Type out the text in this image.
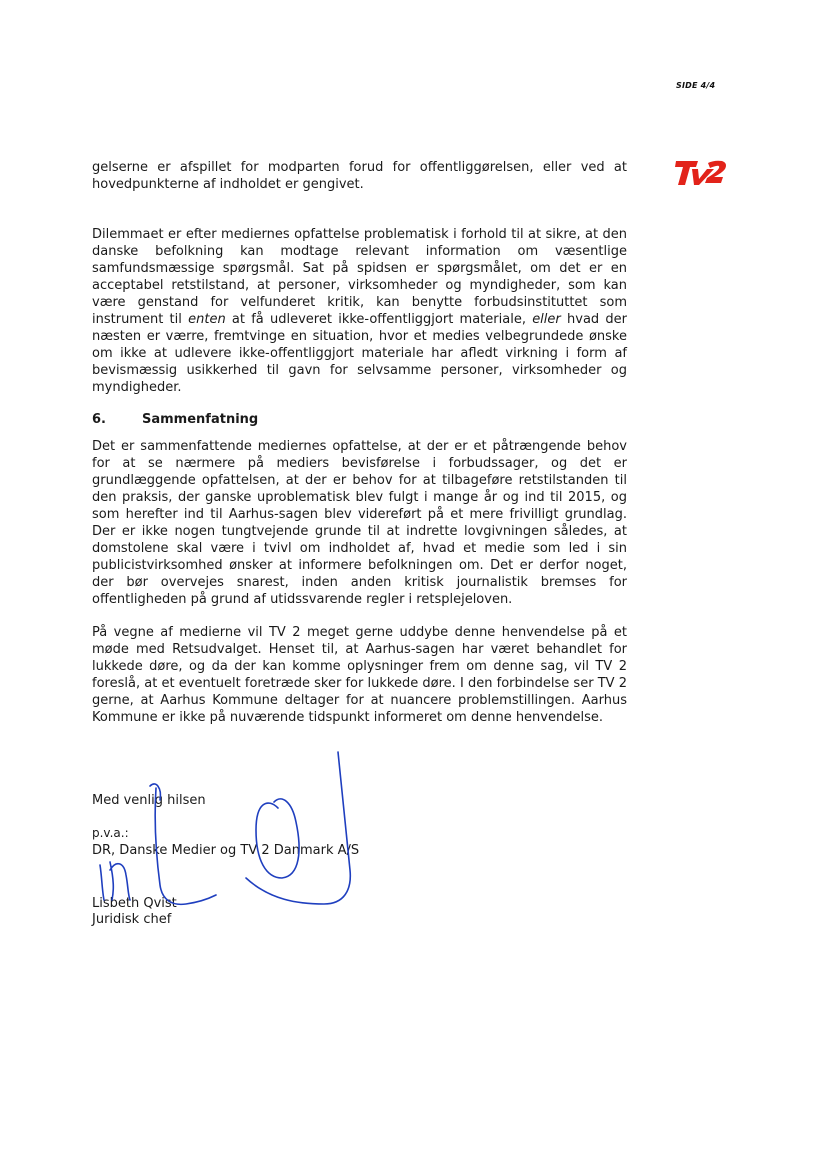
SIDE 4/4

gelserne er afspillet for modparten forud for offentliggørelsen, eller ved at hovedpunkterne af indholdet er gengivet.

Dilemmaet er efter mediernes opfattelse problematisk i forhold til at sikre, at den danske befolkning kan modtage relevant information om væsentlige samfundsmæssige spørgsmål. Sat på spidsen er spørgsmålet, om det er en acceptabel retstilstand, at personer, virksomheder og myndigheder, som kan være genstand for velfunderet kritik, kan benytte forbudsinstituttet som instrument til enten at få udleveret ikke-offentliggjort materiale, eller hvad der næsten er værre, fremtvinge en situation, hvor et medies velbegrundede ønske om ikke at udlevere ikke-offentliggjort materiale har afledt virkning i form af bevismæssig usikkerhed til gavn for selvsamme personer, virksomheder og myndigheder.

6.	Sammenfatning

Det er sammenfattende mediernes opfattelse, at der er et påtrængende behov for at se nærmere på mediers bevisførelse i forbudssager, og det er grundlæggende opfattelsen, at der er behov for at tilbageføre retstilstanden til den praksis, der ganske uproblematisk blev fulgt i mange år og ind til 2015, og som herefter ind til Aarhus-sagen blev videreført på et mere frivilligt grundlag. Der er ikke nogen tungtvejende grunde til at indrette lovgivningen således, at domstolene skal være i tvivl om indholdet af, hvad et medie som led i sin publicistvirksomhed ønsker at informere befolkningen om. Det er derfor noget, der bør overvejes snarest, inden anden kritisk journalistik bremses for offentligheden på grund af utidssvarende regler i retsplejeloven.

På vegne af medierne vil TV 2 meget gerne uddybe denne henvendelse på et møde med Retsudvalget. Henset til, at Aarhus-sagen har været behandlet for lukkede døre, og da der kan komme oplysninger frem om denne sag, vil TV 2 foreslå, at et eventuelt foretræde sker for lukkede døre. I den forbindelse ser TV 2 gerne, at Aarhus Kommune deltager for at nuancere problemstillingen. Aarhus Kommune er ikke på nuværende tidspunkt informeret om denne henvendelse.

Med venlig hilsen

p.v.a.:

DR, Danske Medier og TV 2 Danmark A/S

Lisbeth Qvist

Juridisk chef
